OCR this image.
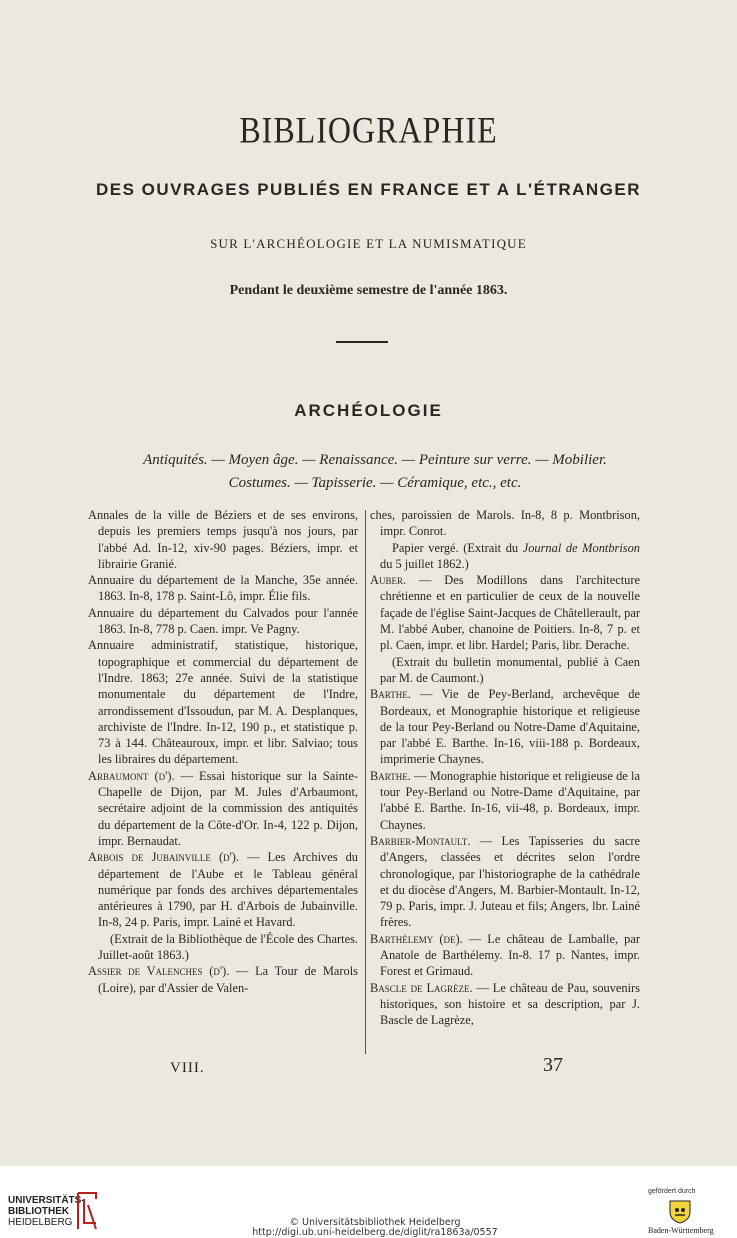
BIBLIOGRAPHIE
DES OUVRAGES PUBLIÉS EN FRANCE ET A L'ÉTRANGER
SUR L'ARCHÉOLOGIE ET LA NUMISMATIQUE
Pendant le deuxième semestre de l'année 1863.
ARCHÉOLOGIE
Antiquités. — Moyen âge. — Renaissance. — Peinture sur verre. — Mobilier.
Costumes. — Tapisserie. — Céramique, etc., etc.

Annales de la ville de Béziers et de ses environs, depuis les premiers temps jusqu'à nos jours, par l'abbé Ad. In-12, xiv-90 pages. Béziers, impr. et librairie Granié.

Annuaire du département de la Manche, 35e année. 1863. In-8, 178 p. Saint-Lô, impr. Élie fils.

Annuaire du département du Calvados pour l'année 1863. In-8, 778 p. Caen. impr. Ve Pagny.

Annuaire administratif, statistique, historique, topographique et commercial du département de l'Indre. 1863; 27e année. Suivi de la statistique monumentale du département de l'Indre, arrondissement d'Issoudun, par M. A. Desplanques, archiviste de l'Indre. In-12, 190 p., et statistique p. 73 à 144. Châteauroux, impr. et libr. Salviao; tous les libraires du département.

Arbaumont (d'). — Essai historique sur la Sainte-Chapelle de Dijon, par M. Jules d'Arbaumont, secrétaire adjoint de la commission des antiquités du département de la Côte-d'Or. In-4, 122 p. Dijon, impr. Bernaudat.

Arbois de Jubainville (d'). — Les Archives du département de l'Aube et le Tableau général numérique par fonds des archives départementales antérieures à 1790, par H. d'Arbois de Jubainville. In-8, 24 p. Paris, impr. Lainé et Havard.

(Extrait de la Bibliothèque de l'École des Chartes. Juillet-août 1863.)

Assier de Valenches (d'). — La Tour de Marols (Loire), par d'Assier de Valen-

ches, paroissien de Marols. In-8, 8 p. Montbrison, impr. Conrot.

Papier vergé. (Extrait du Journal de Montbrison du 5 juillet 1862.)

Auber. — Des Modillons dans l'architecture chrétienne et en particulier de ceux de la nouvelle façade de l'église Saint-Jacques de Châtellerault, par M. l'abbé Auber, chanoine de Poitiers. In-8, 7 p. et pl. Caen, impr. et libr. Hardel; Paris, libr. Derache.

(Extrait du bulletin monumental, publié à Caen par M. de Caumont.)

Barthe. — Vie de Pey-Berland, archevêque de Bordeaux, et Monographie historique et religieuse de la tour Pey-Berland ou Notre-Dame d'Aquitaine, par l'abbé E. Barthe. In-16, viii-188 p. Bordeaux, imprimerie Chaynes.

Barthe. — Monographie historique et religieuse de la tour Pey-Berland ou Notre-Dame d'Aquitaine, par l'abbé E. Barthe. In-16, vii-48, p. Bordeaux, impr. Chaynes.

Barbier-Montault. — Les Tapisseries du sacre d'Angers, classées et décrites selon l'ordre chronologique, par l'historiographe de la cathédrale et du diocèse d'Angers, M. Barbier-Montault. In-12, 79 p. Paris, impr. J. Juteau et fils; Angers, lbr. Lainé frères.

Barthélemy (de). — Le château de Lamballe, par Anatole de Barthélemy. In-8. 17 p. Nantes, impr. Forest et Grimaud.

Bascle de Lagrèze. — Le château de Pau, souvenirs historiques, son histoire et sa description, par J. Bascle de Lagrèze,

VIII.	37
UNIVERSITÄTS-
BIBLIOTHEK
HEIDELBERG	© Universitätsbibliothek Heidelberg
http://digi.ub.uni-heidelberg.de/diglit/ra1863a/0557
gefördert durch
Baden-Württemberg
